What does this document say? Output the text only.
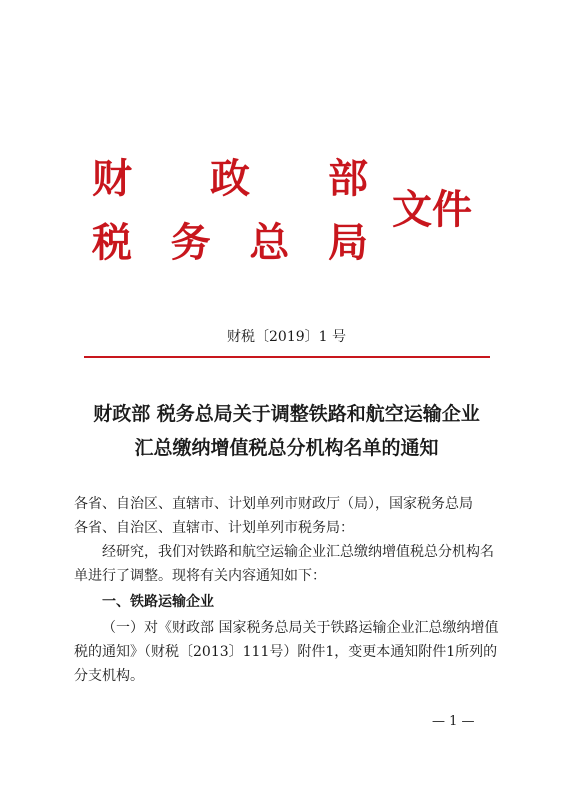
财 政 部
税 务 总 局
文件
财税〔2019〕1 号
财政部 税务总局关于调整铁路和航空运输企业
汇总缴纳增值税总分机构名单的通知

各省、自治区、直辖市、计划单列市财政厅（局），国家税务总局

各省、自治区、直辖市、计划单列市税务局：

经研究，我们对铁路和航空运输企业汇总缴纳增值税总分机构名单进行了调整。现将有关内容通知如下：

一、铁路运输企业

（一）对《财政部 国家税务总局关于铁路运输企业汇总缴纳增值税的通知》（财税〔2013〕111号）附件1，变更本通知附件1所列的分支机构。

— 1 —
